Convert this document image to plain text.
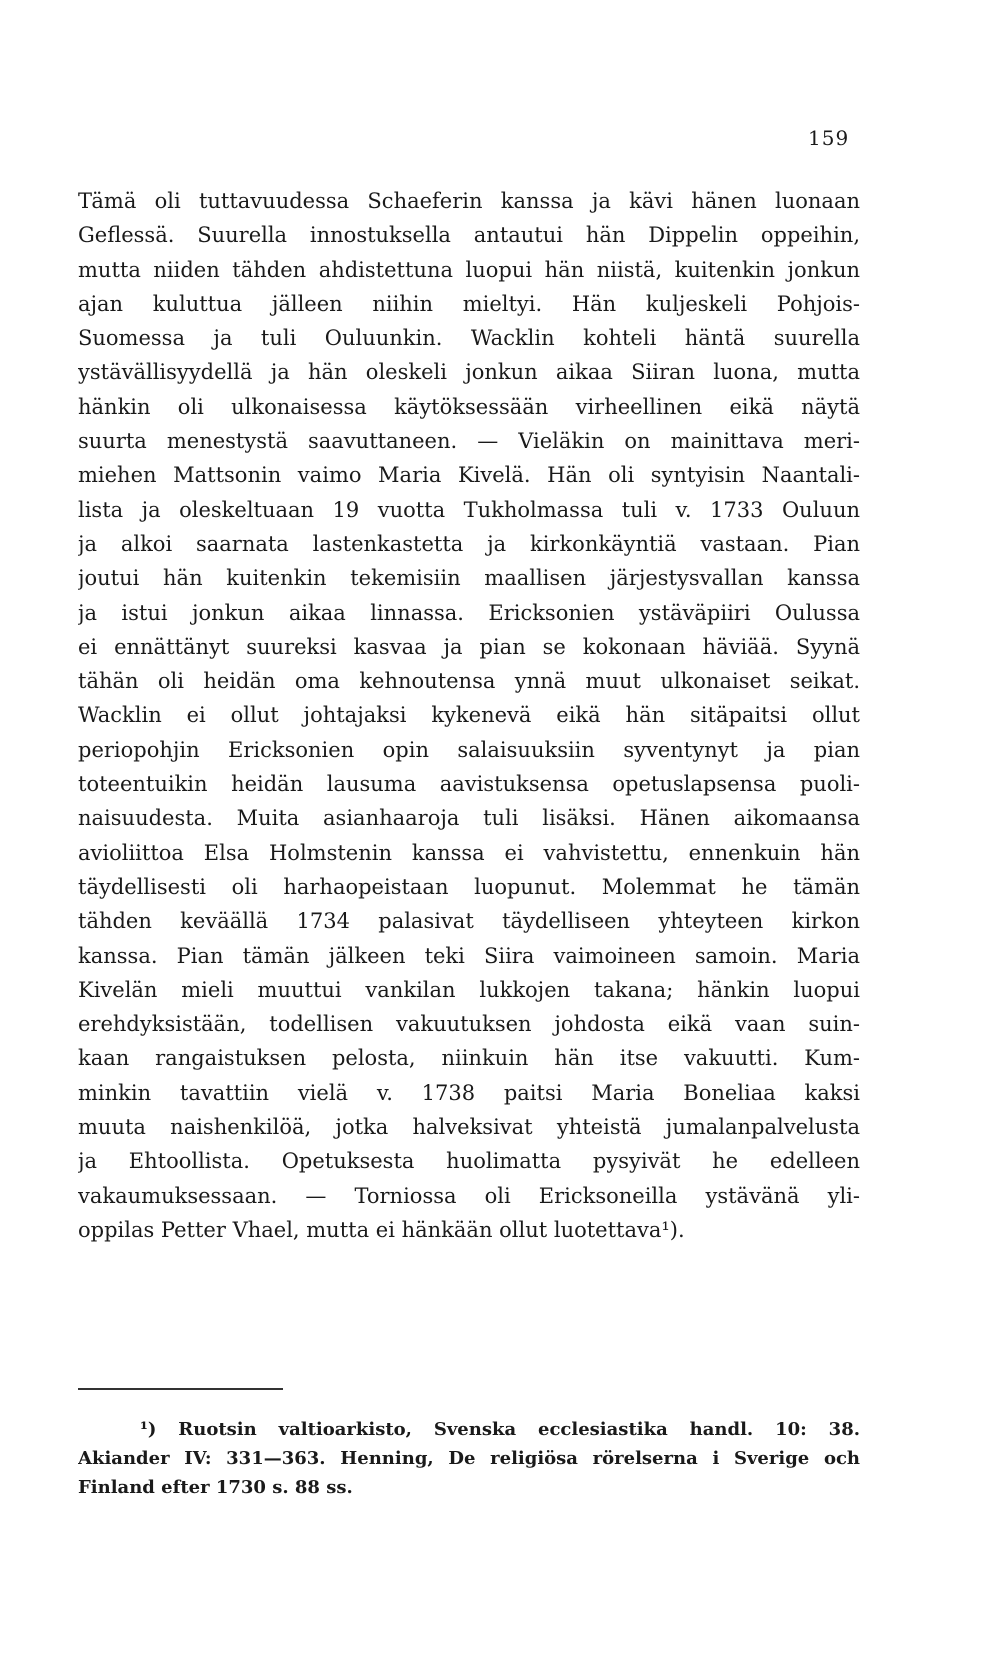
159
Tämä oli tuttavuudessa Schaeferin kanssa ja kävi hänen luonaan
Geflessä. Suurella innostuksella antautui hän Dippelin oppeihin,
mutta niiden tähden ahdistettuna luopui hän niistä, kuitenkin jonkun
ajan kuluttua jälleen niihin mieltyi. Hän kuljeskeli Pohjois-
Suomessa ja tuli Ouluunkin. Wacklin kohteli häntä suurella
ystävällisyydellä ja hän oleskeli jonkun aikaa Siiran luona, mutta
hänkin oli ulkonaisessa käytöksessään virheellinen eikä näytä
suurta menestystä saavuttaneen. — Vieläkin on mainittava meri-
miehen Mattsonin vaimo Maria Kivelä. Hän oli syntyisin Naantali-
lista ja oleskeltuaan 19 vuotta Tukholmassa tuli v. 1733 Ouluun
ja alkoi saarnata lastenkastetta ja kirkonkäyntiä vastaan. Pian
joutui hän kuitenkin tekemisiin maallisen järjestysvallan kanssa
ja istui jonkun aikaa linnassa. Ericksonien ystäväpiiri Oulussa
ei ennättänyt suureksi kasvaa ja pian se kokonaan häviää. Syynä
tähän oli heidän oma kehnoutensa ynnä muut ulkonaiset seikat.
Wacklin ei ollut johtajaksi kykenevä eikä hän sitäpaitsi ollut
periopohjin Ericksonien opin salaisuuksiin syventynyt ja pian
toteentuikin heidän lausuma aavistuksensa opetuslapsensa puoli-
naisuudesta. Muita asianhaaroja tuli lisäksi. Hänen aikomaansa
avioliittoa Elsa Holmstenin kanssa ei vahvistettu, ennenkuin hän
täydellisesti oli harhaopeistaan luopunut. Molemmat he tämän
tähden keväällä 1734 palasivat täydelliseen yhteyteen kirkon
kanssa. Pian tämän jälkeen teki Siira vaimoineen samoin. Maria
Kivelän mieli muuttui vankilan lukkojen takana; hänkin luopui
erehdyksistään, todellisen vakuutuksen johdosta eikä vaan suin-
kaan rangaistuksen pelosta, niinkuin hän itse vakuutti. Kum-
minkin tavattiin vielä v. 1738 paitsi Maria Boneliaa kaksi
muuta naishenkilöä, jotka halveksivat yhteistä jumalanpalvelusta
ja Ehtoollista. Opetuksesta huolimatta pysyivät he edelleen
vakaumuksessaan. — Torniossa oli Ericksoneilla ystävänä yli-
oppilas Petter Vhael, mutta ei hänkään ollut luotettava¹).
¹) Ruotsin valtioarkisto, Svenska ecclesiastika handl. 10: 38.
Akiander IV: 331—363. Henning, De religiösa rörelserna i Sverige och
Finland efter 1730 s. 88 ss.
